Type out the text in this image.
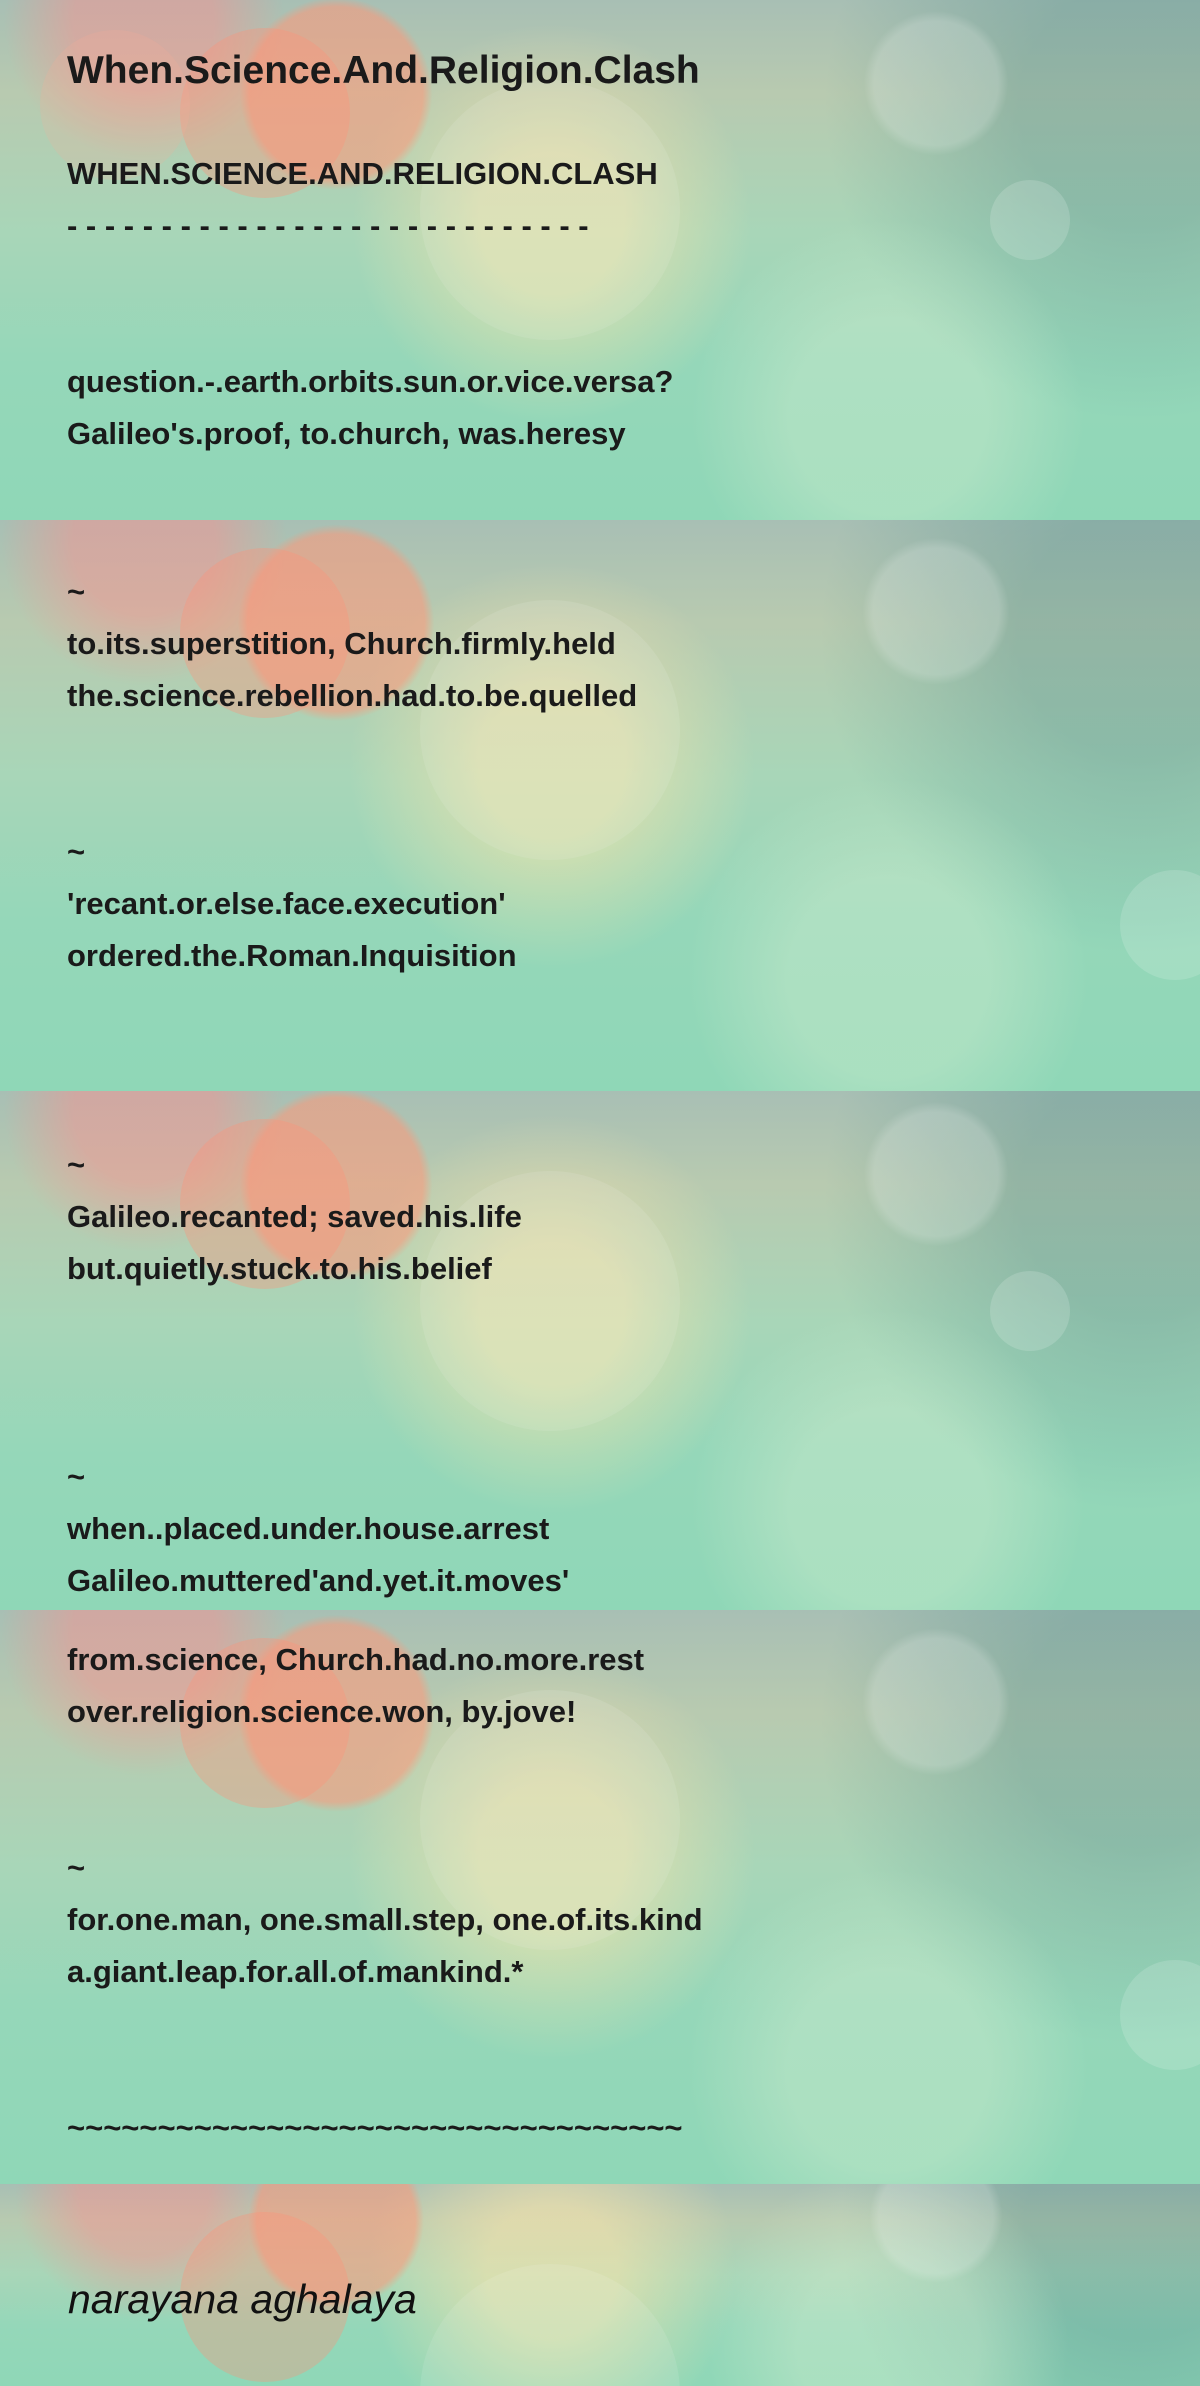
When.Science.And.Religion.Clash
WHEN.SCIENCE.AND.RELIGION.CLASH
- - - - - - - - - - - - - - - - - - - - - - - - - - - -
question.-.earth.orbits.sun.or.vice.versa?
Galileo's.proof, to.church, was.heresy
~
to.its.superstition, Church.firmly.held
the.science.rebellion.had.to.be.quelled
~
'recant.or.else.face.execution'
ordered.the.Roman.Inquisition
~
Galileo.recanted; saved.his.life
but.quietly.stuck.to.his.belief
~
when..placed.under.house.arrest
Galileo.muttered'and.yet.it.moves'
from.science, Church.had.no.more.rest
over.religion.science.won, by.jove!
~
for.one.man, one.small.step, one.of.its.kind
a.giant.leap.for.all.of.mankind.*
~~~~~~~~~~~~~~~~~~~~~~~~~~~~~~~~~~
narayana aghalaya
